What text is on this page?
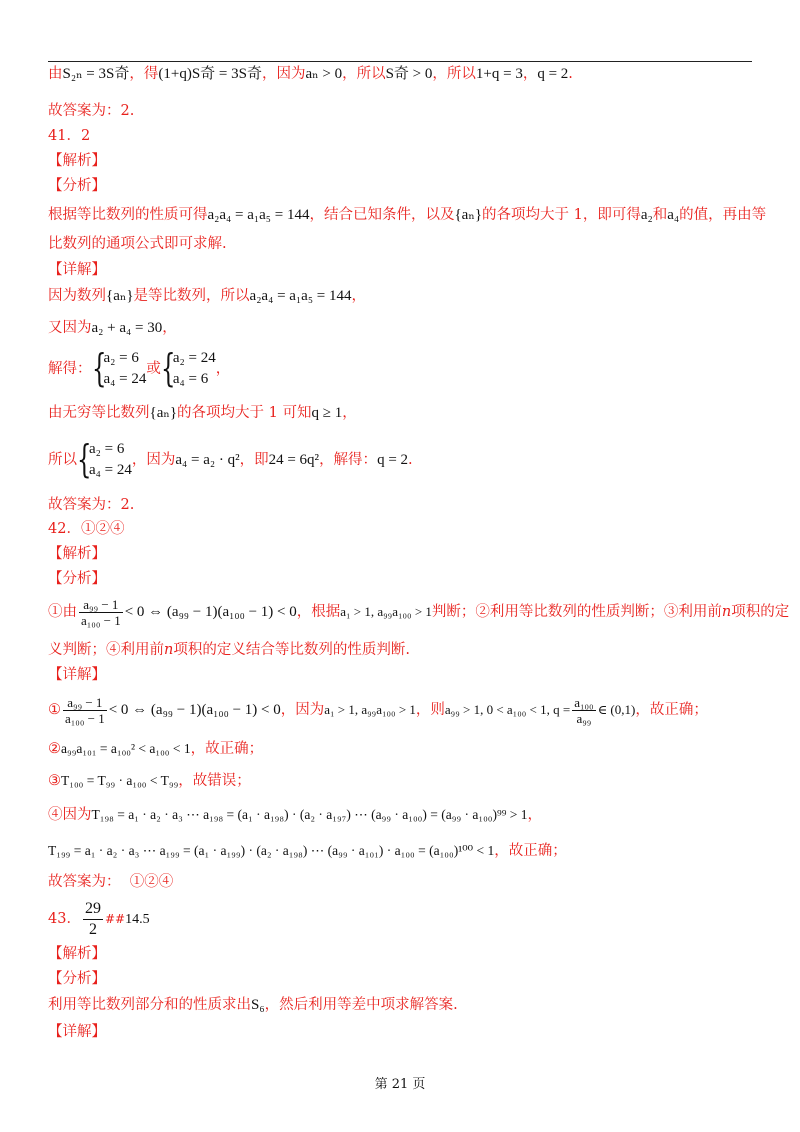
由S₂ₙ = 3S奇，得(1+q)S奇 = 3S奇，因为aₙ > 0，所以S奇 > 0，所以1+q = 3，q = 2.
故答案为：2.
41．2
【解析】
【分析】
根据等比数列的性质可得a₂a₄ = a₁a₅ = 144，结合已知条件，以及{aₙ}的各项均大于 1，即可得a₂和a₄的值，再由等
比数列的通项公式即可求解.
【详解】
因为数列{aₙ}是等比数列，所以a₂a₄ = a₁a₅ = 144，
又因为a₂ + a₄ = 30，
解得：
{ a₂ = 6
a₄ = 24
或
{ a₂ = 24
a₄ = 6
，
由无穷等比数列{aₙ}的各项均大于 1 可知q ≥ 1，
所以
{ a₂ = 6
a₄ = 24
，因为a₄ = a₂ · q²，即24 = 6q²，解得：q = 2.
故答案为：2.
42．①②④
【解析】
【分析】
①由 $\frac{\text{a₉₉ − 1}}{\text{a₁₀₀ − 1}} < 0$ ⇔ (a₉₉ − 1)(a₁₀₀ − 1) < 0，根据a₁ > 1, a₉₉a₁₀₀ > 1判断；②利用等比数列的性质判断；③利用前n项积的定
义判断；④利用前n项积的定义结合等比数列的性质判断.
【详解】
① $\frac{\text{a₉₉ − 1}}{\text{a₁₀₀ − 1}} < 0$ ⇔ (a₉₉ − 1)(a₁₀₀ − 1) < 0，因为a₁ > 1, a₉₉a₁₀₀ > 1，则a₉₉ > 1, 0 < a₁₀₀ < 1, $q = \frac{\text{a₁₀₀}}{\text{a₉₉}}$ ∈ (0,1)，故正确；
②a₉₉a₁₀₁ = a₁₀₀² < a₁₀₀ < 1，故正确；
③T₁₀₀ = T₉₉ · a₁₀₀ < T₉₉，故错误；
④因为T₁₉₈ = a₁ · a₂ · a₃ ⋯ a₁₉₈ = (a₁ · a₁₉₈) · (a₂ · a₁₉₇) ⋯ (a₉₉ · a₁₀₀) = (a₉₉ · a₁₀₀)⁹⁹ > 1，
T₁₉₉ = a₁ · a₂ · a₃ ⋯ a₁₉₉ = (a₁ · a₁₉₉) · (a₂ · a₁₉₈) ⋯ (a₉₉ · a₁₀₁) · a₁₀₀ = (a₁₀₀)¹⁰⁰ < 1，故正确；
故答案为： ①②④
43． $\frac{29}{2}$ ##14.5
【解析】
【分析】
利用等比数列部分和的性质求出S₆，然后利用等差中项求解答案.
【详解】
第 21 页
